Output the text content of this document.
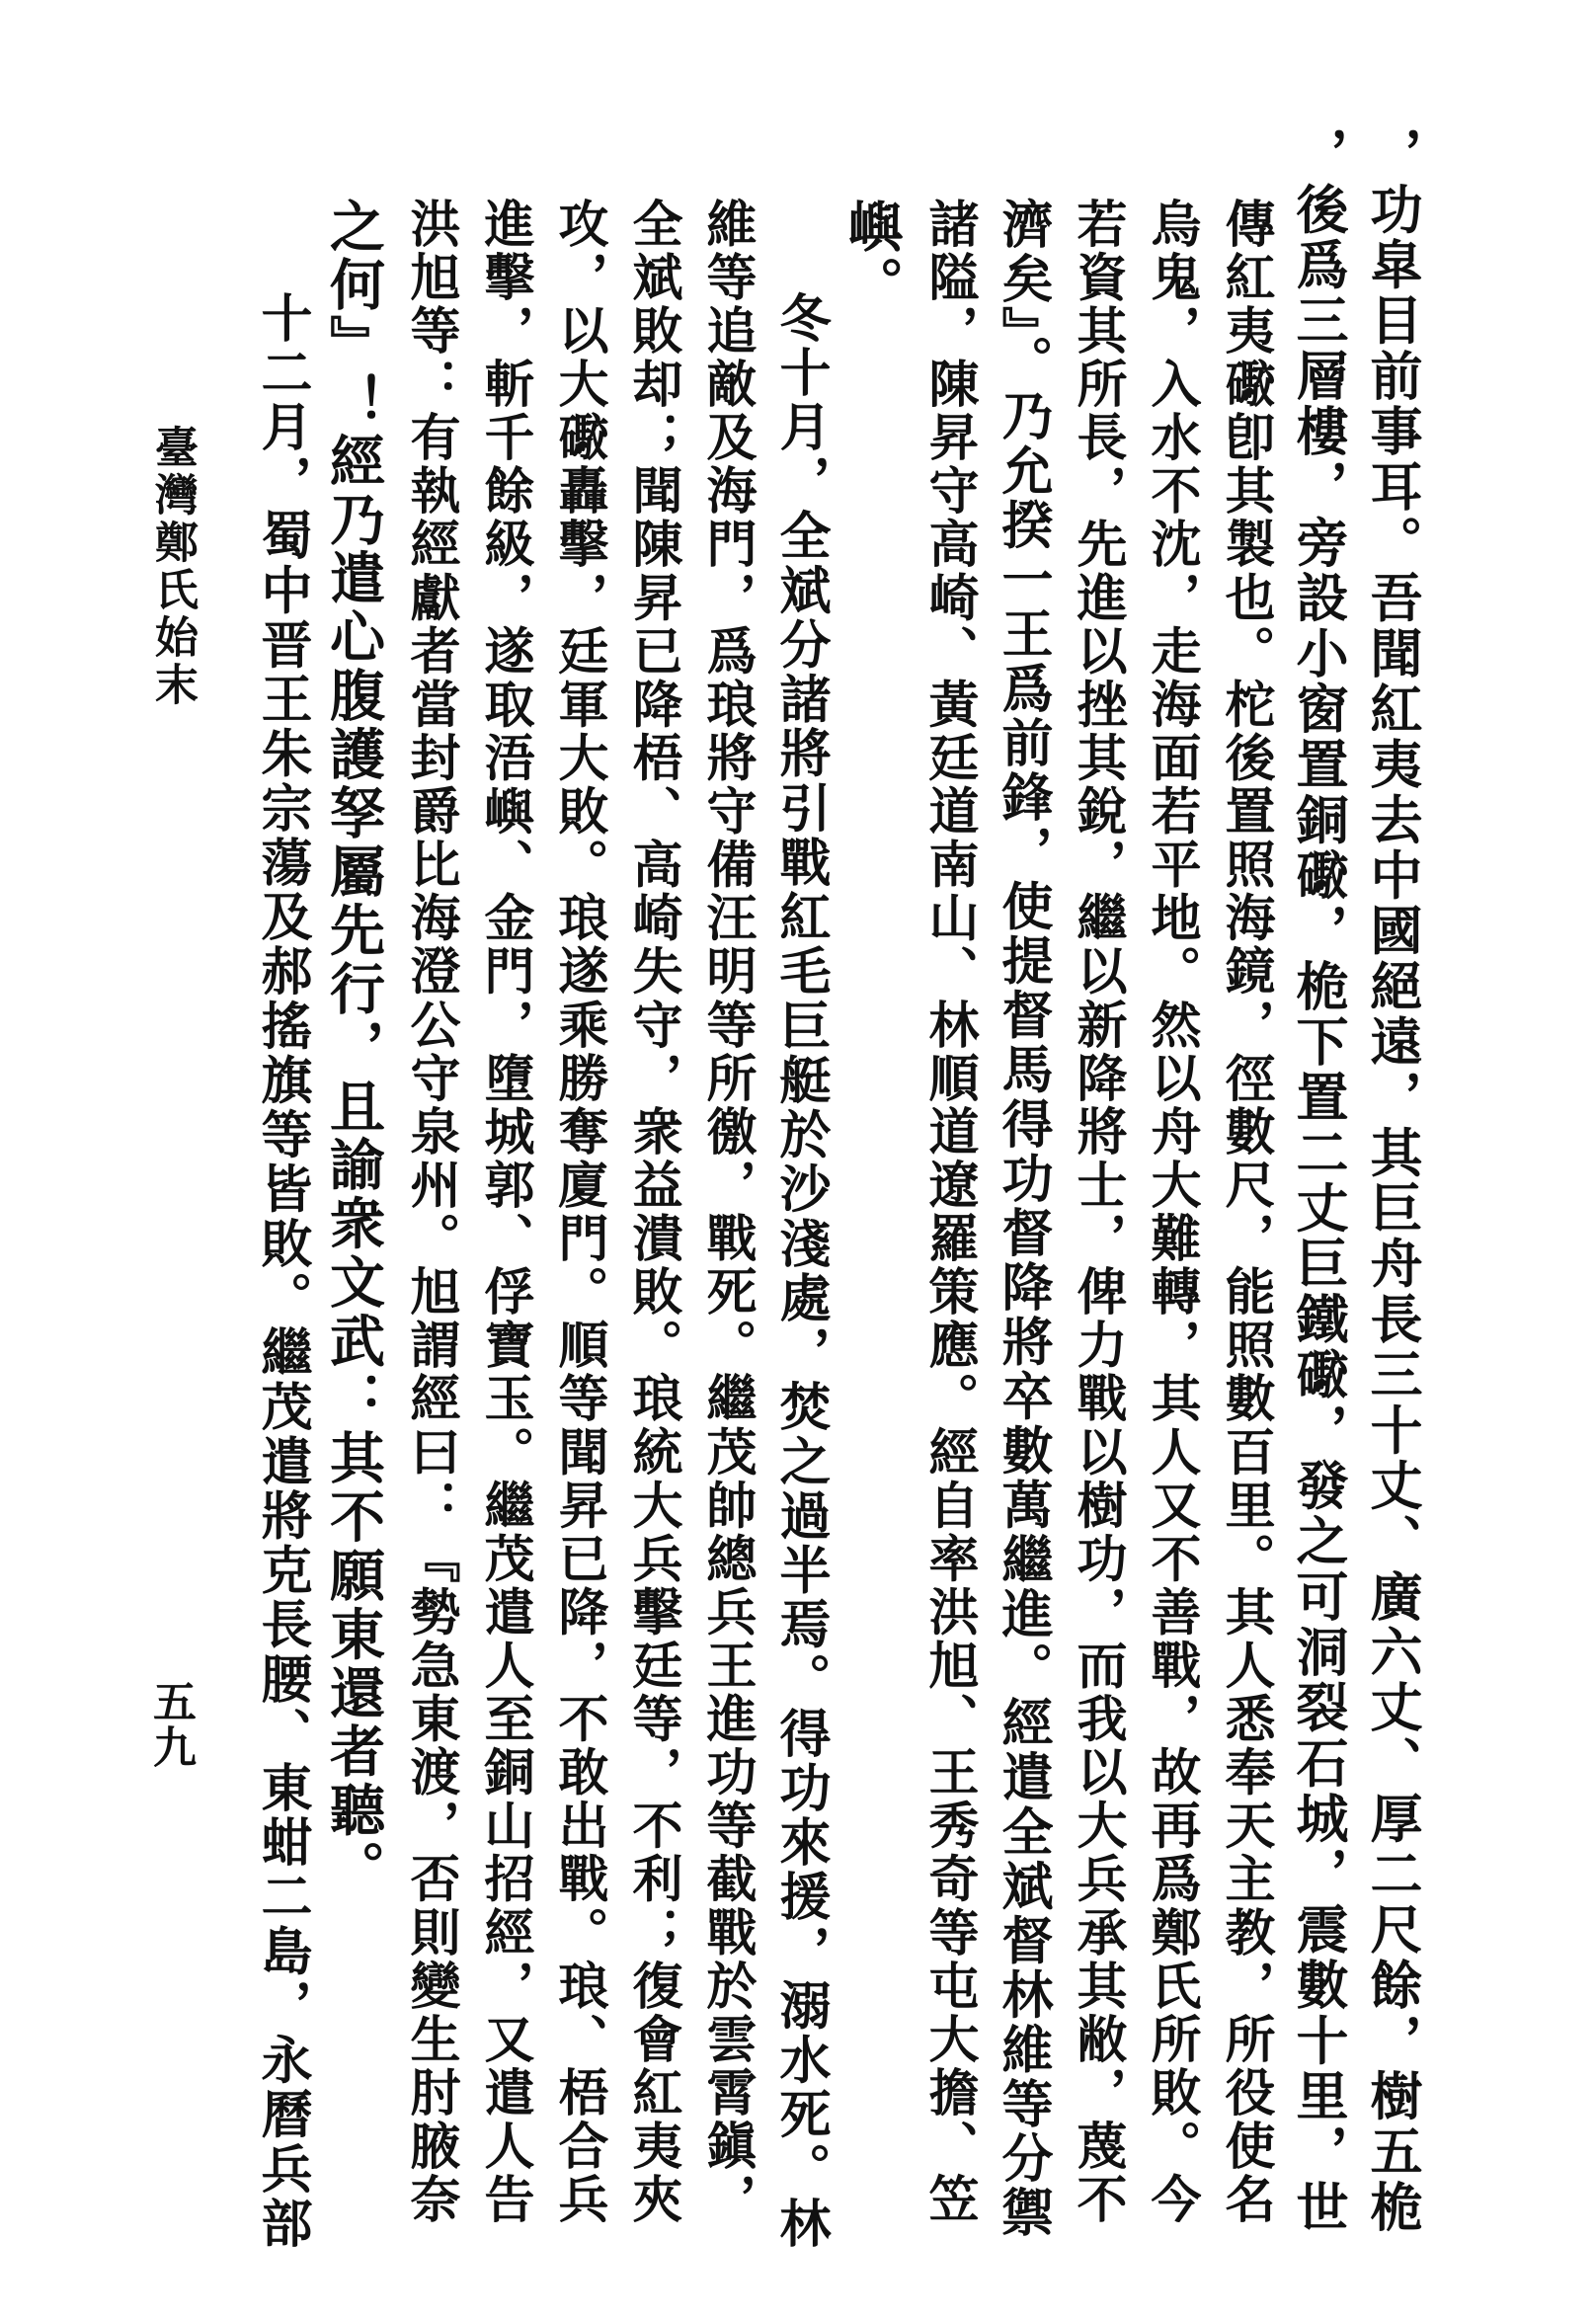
，功皐目前事耳。吾聞紅夷去中國絕遠，其巨舟長三十丈、廣六丈、厚二尺餘，樹五桅
，後爲三層樓，旁設小窗置銅礮，桅下置二丈巨鐵礮，發之可洞裂石城，震數十里，世
傳紅夷礮卽其製也。柁後置照海鏡，徑數尺，能照數百里。其人悉奉天主教，所役使名
烏鬼，入水不沈，走海面若平地。然以舟大難轉，其人又不善戰，故再爲鄭氏所敗。今
若資其所長，先進以挫其銳，繼以新降將士，俾力戰以樹功，而我以大兵承其敝，蔑不
濟矣』。乃允揆一王爲前鋒，使提督馬得功督降將卒數萬繼進。經遣全斌督林維等分禦
諸隘，陳昇守高崎、黃廷道南山、林順道遼羅策應。經自率洪旭、王秀奇等屯大擔、笠
嶼。
冬十月，全斌分諸將引戰紅毛巨艇於沙淺處，焚之過半焉。得功來援，溺水死。林
維等追敵及海門，爲琅將守備汪明等所徼，戰死。繼茂帥總兵王進功等截戰於雲霄鎭，
全斌敗却；聞陳昇已降梧、高崎失守，衆益潰敗。琅統大兵擊廷等，不利；復會紅夷夾
攻，以大礮轟擊，廷軍大敗。琅遂乘勝奪廈門。順等聞昇已降，不敢出戰。琅、梧合兵
進擊，斬千餘級，遂取浯嶼、金門，墮城郭、俘寶玉。繼茂遣人至銅山招經，又遣人告
洪旭等：有執經獻者當封爵比海澄公守泉州。旭謂經曰：『勢急東渡，否則變生肘腋奈
之何』！經乃遣心腹護孥屬先行，且諭衆文武：其不願東還者聽。
十二月，蜀中晋王朱宗蕩及郝搖旗等皆敗。繼茂遣將克長腰、東蚶二島，永曆兵部
臺灣鄭氏始末
五九
